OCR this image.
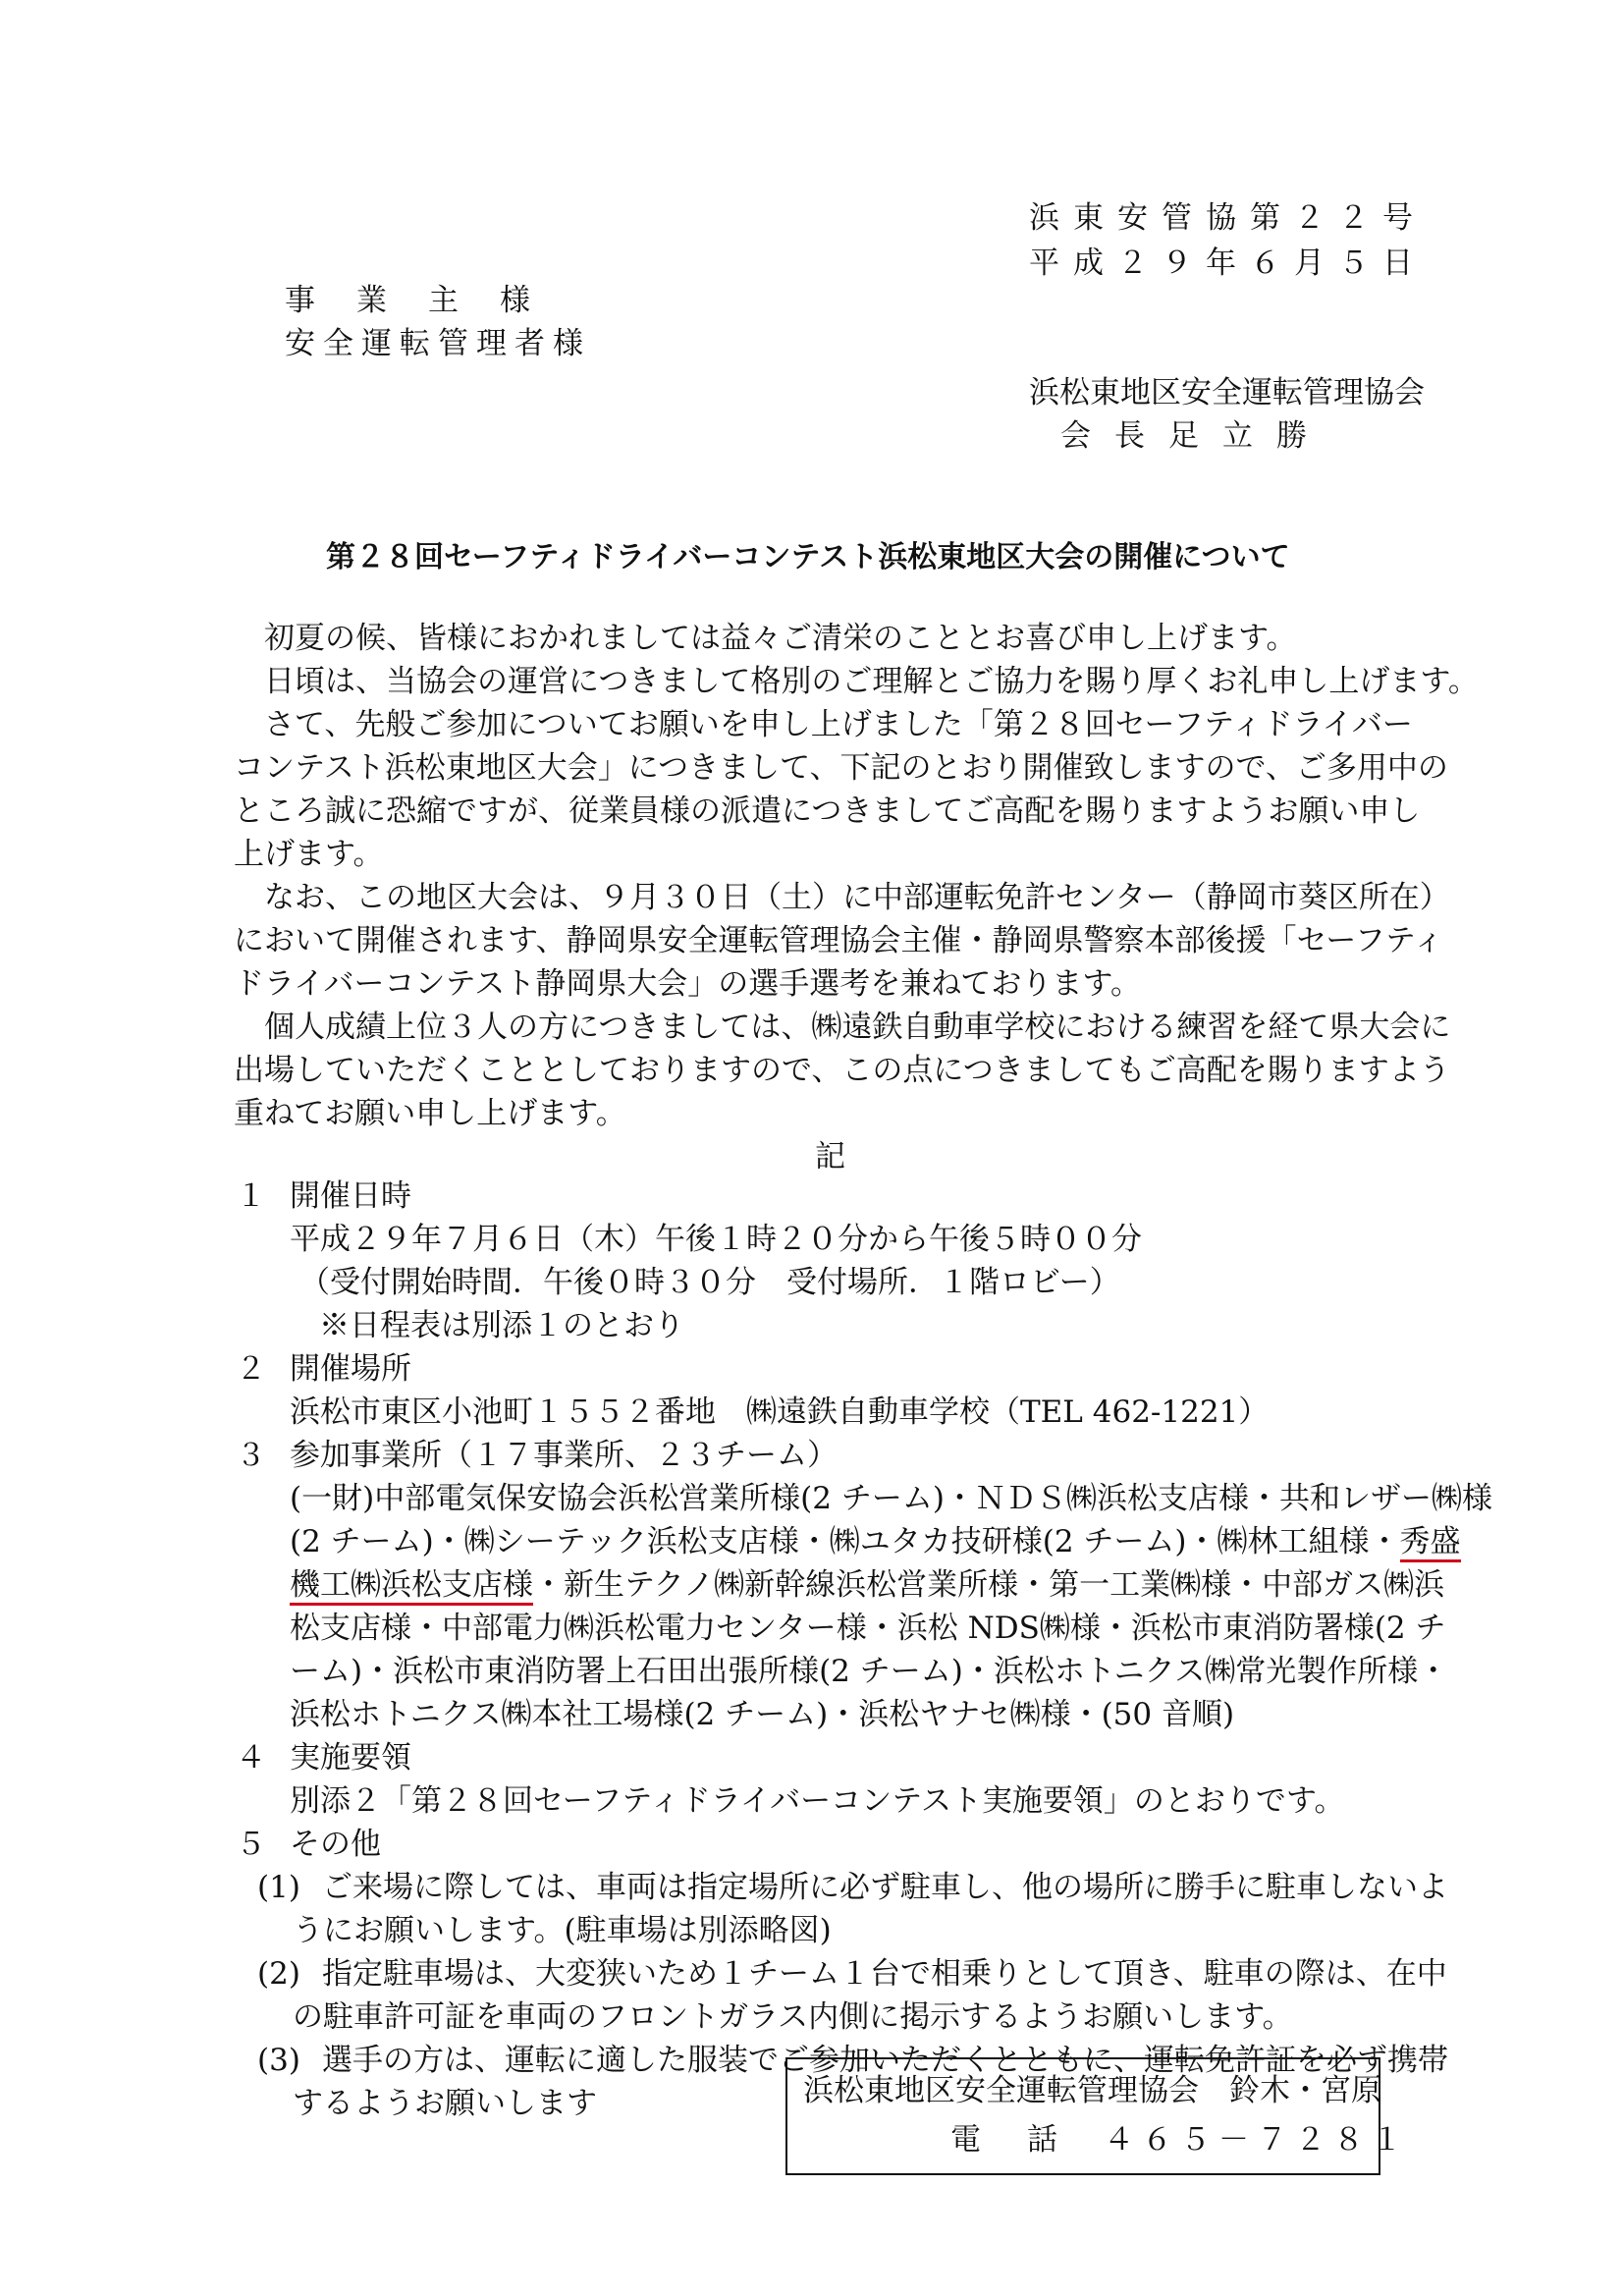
浜東安管協第２２号
平成２９年６月５日
事業主様
安全運転管理者様
浜松東地区安全運転管理協会
会長足立勝
第２８回セーフティドライバーコンテスト浜松東地区大会の開催について
　初夏の候、皆様におかれましては益々ご清栄のこととお喜び申し上げます。
　日頃は、当協会の運営につきまして格別のご理解とご協力を賜り厚くお礼申し上げます。
　さて、先般ご参加についてお願いを申し上げました「第２８回セーフティドライバー
コンテスト浜松東地区大会」につきまして、下記のとおり開催致しますので、ご多用中の
ところ誠に恐縮ですが、従業員様の派遣につきましてご高配を賜りますようお願い申し
上げます。
　なお、この地区大会は、９月３０日（土）に中部運転免許センター（静岡市葵区所在）
において開催されます、静岡県安全運転管理協会主催・静岡県警察本部後援「セーフティ
ドライバーコンテスト静岡県大会」の選手選考を兼ねております。
　個人成績上位３人の方につきましては、㈱遠鉄自動車学校における練習を経て県大会に
出場していただくこととしておりますので、この点につきましてもご高配を賜りますよう
重ねてお願い申し上げます。
記
１ 開催日時
平成２９年７月６日（木）午後１時２０分から午後５時００分
（受付開始時間．午後０時３０分　受付場所．１階ロビー）
※日程表は別添１のとおり
２ 開催場所
浜松市東区小池町１５５２番地　㈱遠鉄自動車学校（TEL 462-1221）
３ 参加事業所（１７事業所、２３チーム）
(一財)中部電気保安協会浜松営業所様(2 チーム)・ＮＤＳ㈱浜松支店様・共和レザー㈱様
(2 チーム)・㈱シーテック浜松支店様・㈱ユタカ技研様(2 チーム)・㈱林工組様・秀盛
機工㈱浜松支店様・新生テクノ㈱新幹線浜松営業所様・第一工業㈱様・中部ガス㈱浜
松支店様・中部電力㈱浜松電力センター様・浜松 NDS㈱様・浜松市東消防署様(2 チ
ーム)・浜松市東消防署上石田出張所様(2 チーム)・浜松ホトニクス㈱常光製作所様・
浜松ホトニクス㈱本社工場様(2 チーム)・浜松ヤナセ㈱様・(50 音順)
４ 実施要領
別添２「第２８回セーフティドライバーコンテスト実施要領」のとおりです。
５ その他
(1) ご来場に際しては、車両は指定場所に必ず駐車し、他の場所に勝手に駐車しないよ
うにお願いします。(駐車場は別添略図)
(2) 指定駐車場は、大変狭いため１チーム１台で相乗りとして頂き、駐車の際は、在中
の駐車許可証を車両のフロントガラス内側に掲示するようお願いします。
(3) 選手の方は、運転に適した服装でご参加いただくとともに、運転免許証を必ず携帯
するようお願いします	浜松東地区安全運転管理協会　鈴木・宮原
電　話　４６５－７２８１
